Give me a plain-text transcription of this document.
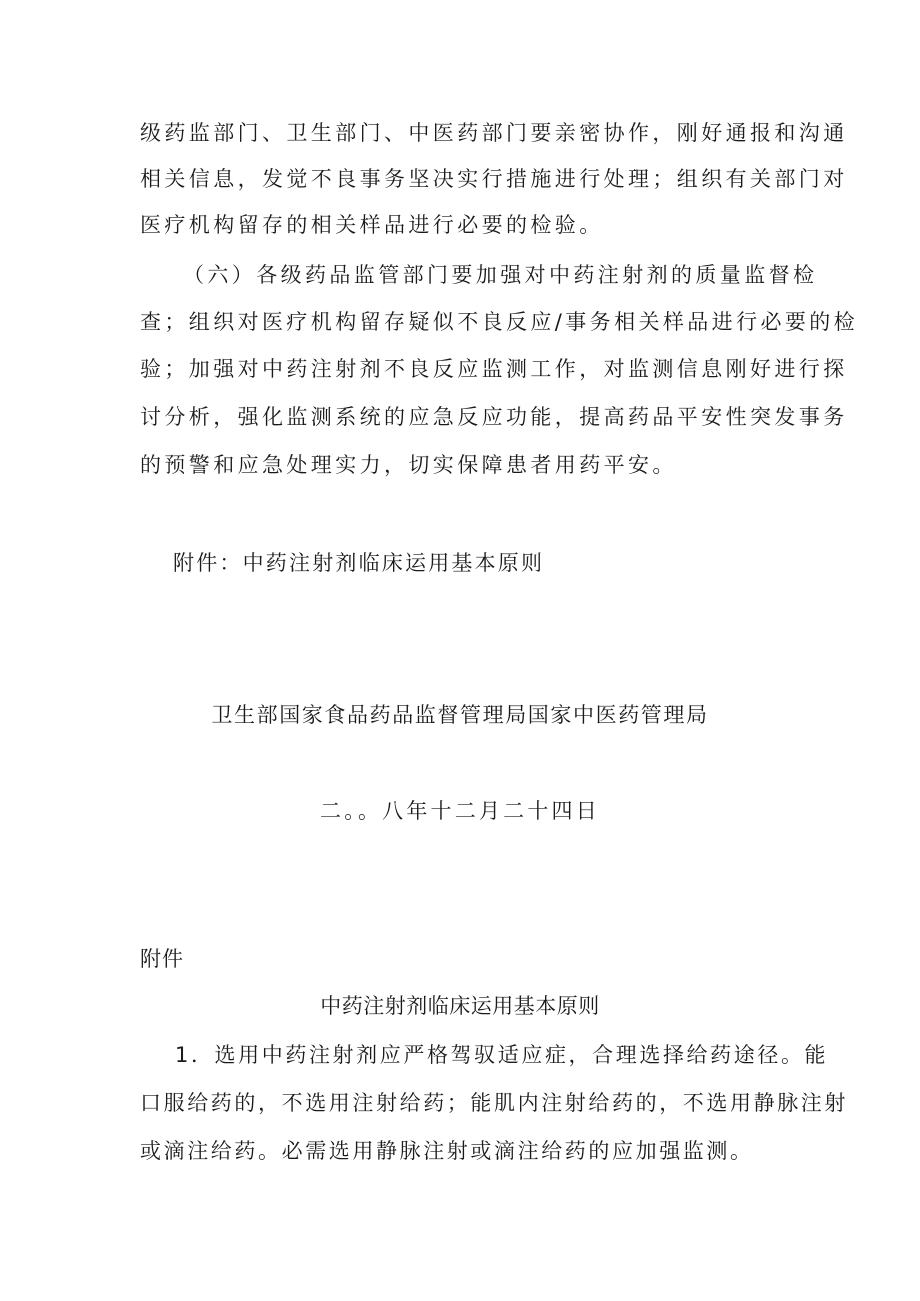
级药监部门、卫生部门、中医药部门要亲密协作，刚好通报和沟通
相关信息，发觉不良事务坚决实行措施进行处理；组织有关部门对
医疗机构留存的相关样品进行必要的检验。
（六）各级药品监管部门要加强对中药注射剂的质量监督检
查；组织对医疗机构留存疑似不良反应/事务相关样品进行必要的检
验；加强对中药注射剂不良反应监测工作，对监测信息刚好进行探
讨分析，强化监测系统的应急反应功能，提高药品平安性突发事务
的预警和应急处理实力，切实保障患者用药平安。
附件：中药注射剂临床运用基本原则
卫生部国家食品药品监督管理局国家中医药管理局
二。。八年十二月二十四日
附件
中药注射剂临床运用基本原则
1．选用中药注射剂应严格驾驭适应症，合理选择给药途径。能
口服给药的，不选用注射给药；能肌内注射给药的，不选用静脉注射
或滴注给药。必需选用静脉注射或滴注给药的应加强监测。
